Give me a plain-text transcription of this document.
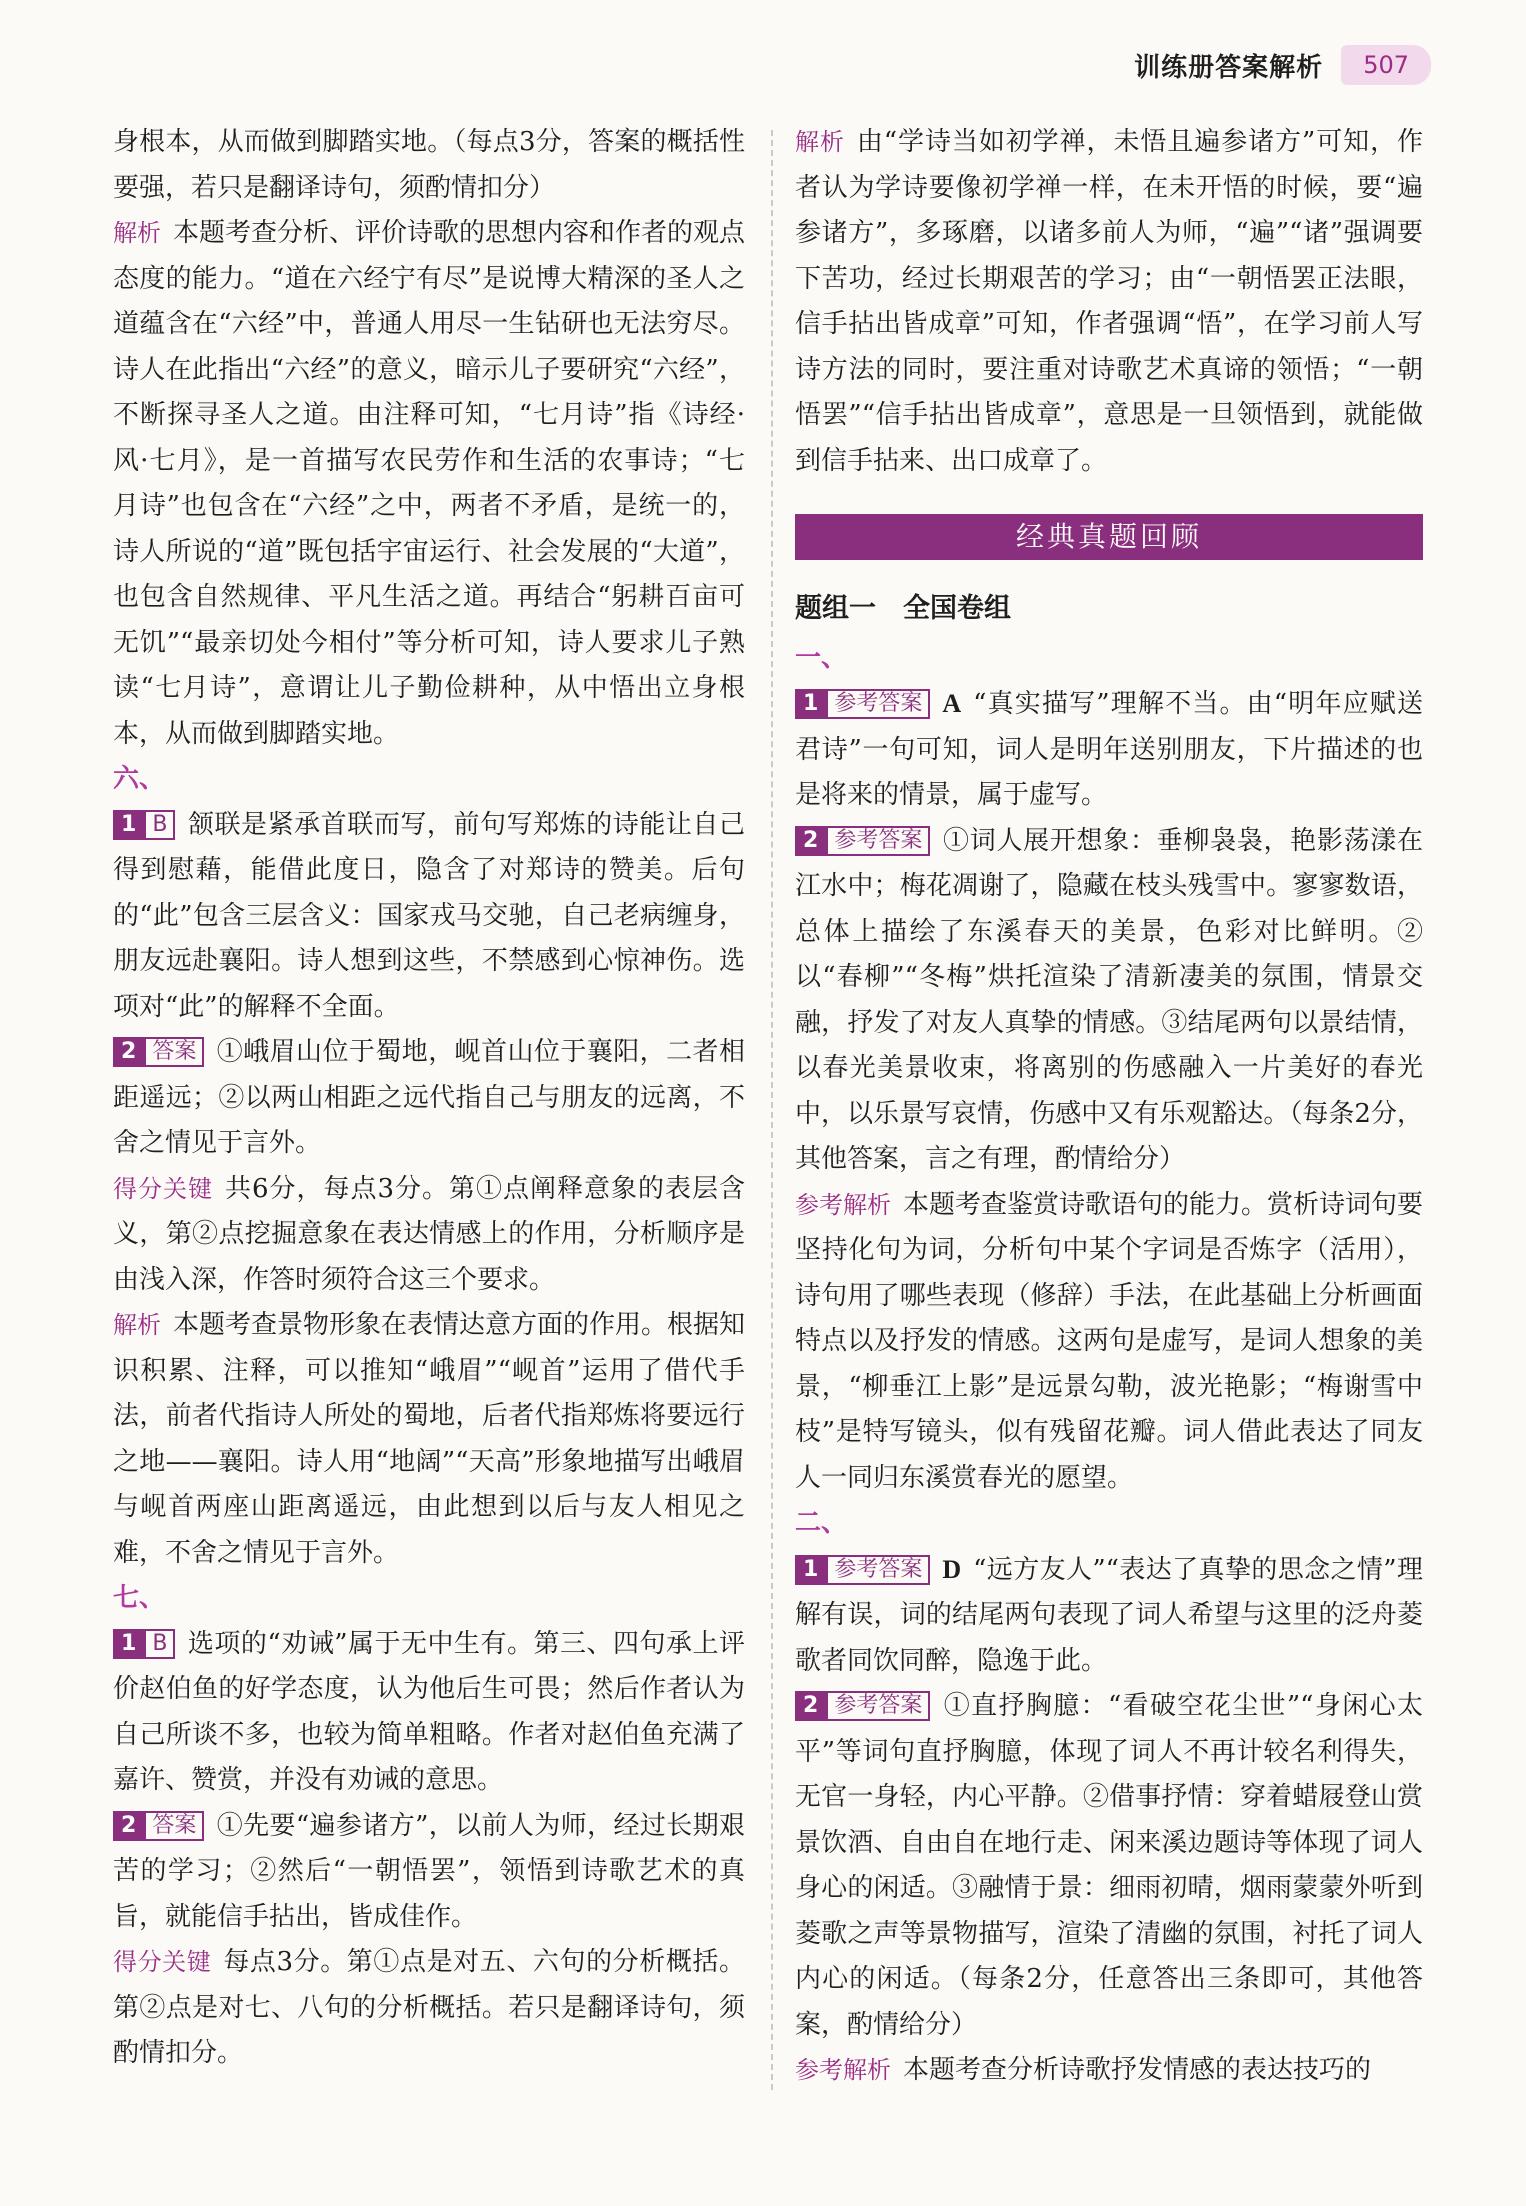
训练册答案解析	507

身根本，从而做到脚踏实地。（每点3分，答案的概括性要强，若只是翻译诗句，须酌情扣分）

解析 本题考查分析、评价诗歌的思想内容和作者的观点态度的能力。“道在六经宁有尽”是说博大精深的圣人之道蕴含在“六经”中，普通人用尽一生钻研也无法穷尽。诗人在此指出“六经”的意义，暗示儿子要研究“六经”，不断探寻圣人之道。由注释可知，“七月诗”指《诗经·风·七月》，是一首描写农民劳作和生活的农事诗；“七月诗”也包含在“六经”之中，两者不矛盾，是统一的，诗人所说的“道”既包括宇宙运行、社会发展的“大道”，也包含自然规律、平凡生活之道。再结合“躬耕百亩可无饥”“最亲切处今相付”等分析可知，诗人要求儿子熟读“七月诗”，意谓让儿子勤俭耕种，从中悟出立身根本，从而做到脚踏实地。

六、

1 B 颔联是紧承首联而写，前句写郑炼的诗能让自己得到慰藉，能借此度日，隐含了对郑诗的赞美。后句的“此”包含三层含义：国家戎马交驰，自己老病缠身，朋友远赴襄阳。诗人想到这些，不禁感到心惊神伤。选项对“此”的解释不全面。

2 答案 ①峨眉山位于蜀地，岘首山位于襄阳，二者相距遥远；②以两山相距之远代指自己与朋友的远离，不舍之情见于言外。

得分关键 共6分，每点3分。第①点阐释意象的表层含义，第②点挖掘意象在表达情感上的作用，分析顺序是由浅入深，作答时须符合这三个要求。

解析 本题考查景物形象在表情达意方面的作用。根据知识积累、注释，可以推知“峨眉”“岘首”运用了借代手法，前者代指诗人所处的蜀地，后者代指郑炼将要远行之地——襄阳。诗人用“地阔”“天高”形象地描写出峨眉与岘首两座山距离遥远，由此想到以后与友人相见之难，不舍之情见于言外。

七、

1 B 选项的“劝诫”属于无中生有。第三、四句承上评价赵伯鱼的好学态度，认为他后生可畏；然后作者认为自己所谈不多，也较为简单粗略。作者对赵伯鱼充满了嘉许、赞赏，并没有劝诫的意思。

2 答案 ①先要“遍参诸方”，以前人为师，经过长期艰苦的学习；②然后“一朝悟罢”，领悟到诗歌艺术的真旨，就能信手拈出，皆成佳作。

得分关键 每点3分。第①点是对五、六句的分析概括。第②点是对七、八句的分析概括。若只是翻译诗句，须酌情扣分。

解析 由“学诗当如初学禅，未悟且遍参诸方”可知，作者认为学诗要像初学禅一样，在未开悟的时候，要“遍参诸方”，多琢磨，以诸多前人为师，“遍”“诸”强调要下苦功，经过长期艰苦的学习；由“一朝悟罢正法眼，信手拈出皆成章”可知，作者强调“悟”，在学习前人写诗方法的同时，要注重对诗歌艺术真谛的领悟；“一朝悟罢”“信手拈出皆成章”，意思是一旦领悟到，就能做到信手拈来、出口成章了。

经典真题回顾

题组一　全国卷组

一、

1 参考答案 A “真实描写”理解不当。由“明年应赋送君诗”一句可知，词人是明年送别朋友，下片描述的也是将来的情景，属于虚写。

2 参考答案 ①词人展开想象：垂柳袅袅，艳影荡漾在江水中；梅花凋谢了，隐藏在枝头残雪中。寥寥数语，总体上描绘了东溪春天的美景，色彩对比鲜明。②以“春柳”“冬梅”烘托渲染了清新凄美的氛围，情景交融，抒发了对友人真挚的情感。③结尾两句以景结情，以春光美景收束，将离别的伤感融入一片美好的春光中，以乐景写哀情，伤感中又有乐观豁达。（每条2分，其他答案，言之有理，酌情给分）

参考解析 本题考查鉴赏诗歌语句的能力。赏析诗词句要坚持化句为词，分析句中某个字词是否炼字（活用），诗句用了哪些表现（修辞）手法，在此基础上分析画面特点以及抒发的情感。这两句是虚写，是词人想象的美景，“柳垂江上影”是远景勾勒，波光艳影；“梅谢雪中枝”是特写镜头，似有残留花瓣。词人借此表达了同友人一同归东溪赏春光的愿望。

二、

1 参考答案 D “远方友人”“表达了真挚的思念之情”理解有误，词的结尾两句表现了词人希望与这里的泛舟菱歌者同饮同醉，隐逸于此。

2 参考答案 ①直抒胸臆：“看破空花尘世”“身闲心太平”等词句直抒胸臆，体现了词人不再计较名利得失，无官一身轻，内心平静。②借事抒情：穿着蜡屐登山赏景饮酒、自由自在地行走、闲来溪边题诗等体现了词人身心的闲适。③融情于景：细雨初晴，烟雨蒙蒙外听到菱歌之声等景物描写，渲染了清幽的氛围，衬托了词人内心的闲适。（每条2分，任意答出三条即可，其他答案，酌情给分）

参考解析 本题考查分析诗歌抒发情感的表达技巧的
